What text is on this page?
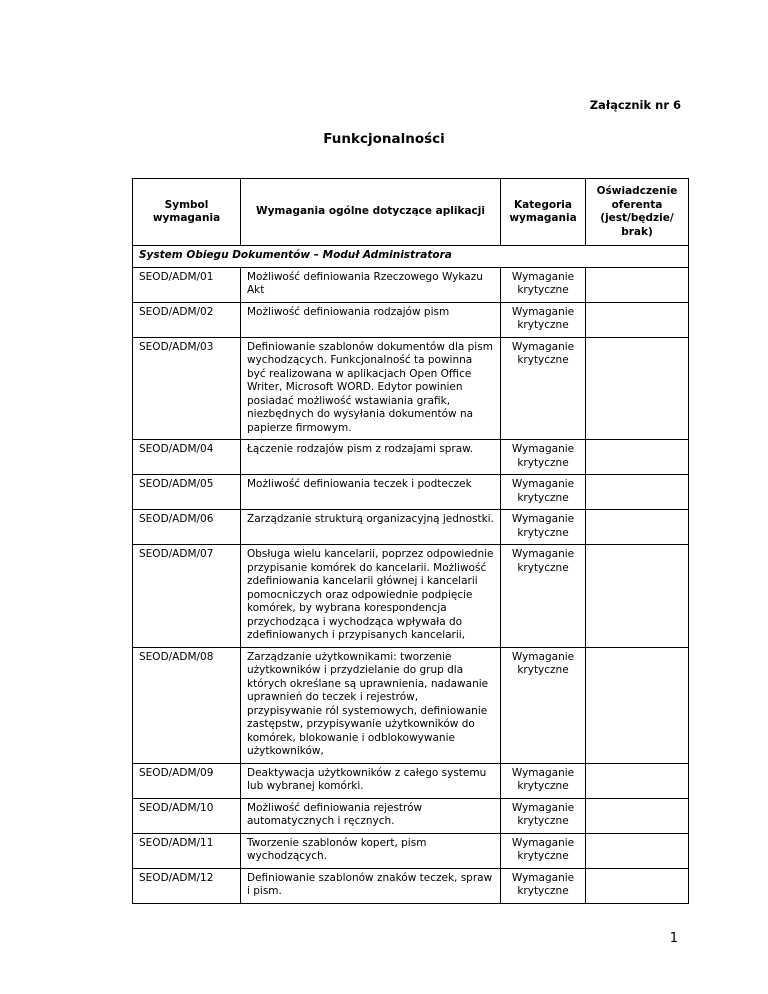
Załącznik nr 6
Funkcjonalności
Symbol wymagania	Wymagania ogólne dotyczące aplikacji	Kategoria wymagania	Oświadczenie oferenta (jest/będzie/ brak)
System Obiegu Dokumentów – Moduł Administratora			
SEOD/ADM/01	Możliwość definiowania Rzeczowego Wykazu Akt	Wymaganie krytyczne	
SEOD/ADM/02	Możliwość definiowania rodzajów pism	Wymaganie krytyczne	
SEOD/ADM/03	Definiowanie szablonów dokumentów dla pism wychodzących. Funkcjonalność ta powinna być realizowana w aplikacjach Open Office Writer, Microsoft WORD. Edytor powinien posiadać możliwość wstawiania grafik, niezbędnych do wysyłania dokumentów na papierze firmowym.	Wymaganie krytyczne	
SEOD/ADM/04	Łączenie rodzajów pism z rodzajami spraw.	Wymaganie krytyczne	
SEOD/ADM/05	Możliwość definiowania teczek i podteczek	Wymaganie krytyczne	
SEOD/ADM/06	Zarządzanie strukturą organizacyjną jednostki.	Wymaganie krytyczne	
SEOD/ADM/07	Obsługa wielu kancelarii, poprzez odpowiednie przypisanie komórek do kancelarii. Możliwość zdefiniowania kancelarii głównej i kancelarii pomocniczych oraz odpowiednie podpięcie komórek, by wybrana korespondencja przychodząca i wychodząca wpływała do zdefiniowanych i przypisanych kancelarii,	Wymaganie krytyczne	
SEOD/ADM/08	Zarządzanie użytkownikami: tworzenie użytkowników i przydzielanie do grup dla których określane są uprawnienia, nadawanie uprawnień do teczek i rejestrów, przypisywanie ról systemowych, definiowanie zastępstw, przypisywanie użytkowników do komórek, blokowanie i odblokowywanie użytkowników,	Wymaganie krytyczne	
SEOD/ADM/09	Deaktywacja użytkowników z całego systemu lub wybranej komórki.	Wymaganie krytyczne	
SEOD/ADM/10	Możliwość definiowania rejestrów automatycznych i ręcznych.	Wymaganie krytyczne	
SEOD/ADM/11	Tworzenie szablonów kopert, pism wychodzących.	Wymaganie krytyczne	
SEOD/ADM/12	Definiowanie szablonów znaków teczek, spraw i pism.	Wymaganie krytyczne	
1
